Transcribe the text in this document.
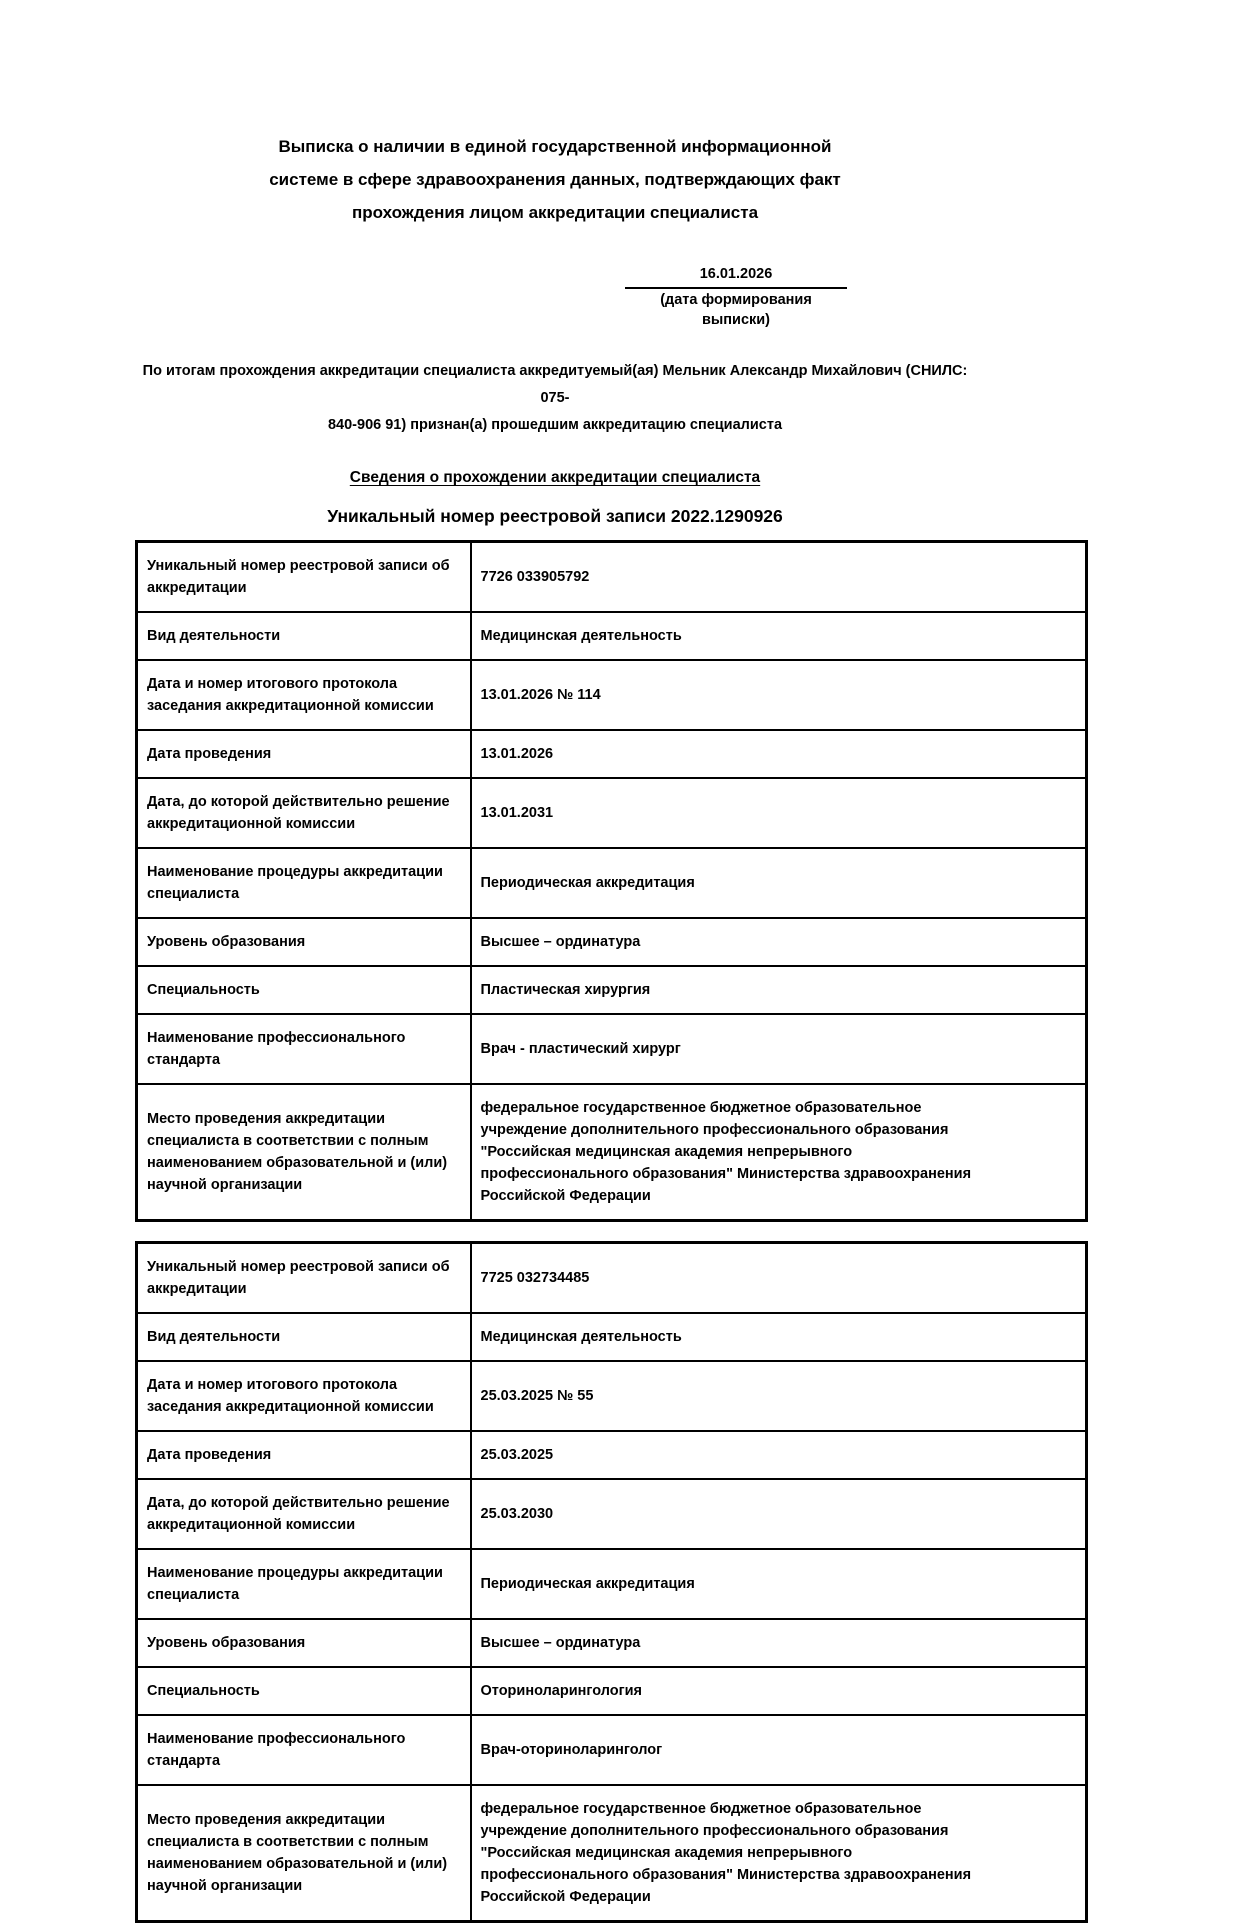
Выписка о наличии в единой государственной информационной
системе в сфере здравоохранения данных, подтверждающих факт
прохождения лицом аккредитации специалиста
16.01.2026
(дата формирования выписки)
По итогам прохождения аккредитации специалиста аккредитуемый(ая) Мельник Александр Михайлович (СНИЛС: 075-
840-906 91) признан(а) прошедшим аккредитацию специалиста
Сведения о прохождении аккредитации специалиста
Уникальный номер реестровой записи 2022.1290926
Уникальный номер реестровой записи об аккредитации	7726 033905792

Вид деятельности	Медицинская деятельность

Дата и номер итогового протокола заседания аккредитационной комиссии	13.01.2026 № 114

Дата проведения	13.01.2026

Дата, до которой действительно решение аккредитационной комиссии	13.01.2031

Наименование процедуры аккредитации специалиста	Периодическая аккредитация

Уровень образования	Высшее – ординатура

Специальность	Пластическая хирургия

Наименование профессионального стандарта	Врач - пластический хирург

Место проведения аккредитации специалиста в соответствии с полным наименованием образовательной и (или) научной организации	федеральное государственное бюджетное образовательное учреждение дополнительного профессионального образования "Российская медицинская академия непрерывного профессионального образования" Министерства здравоохранения Российской Федерации
Уникальный номер реестровой записи об аккредитации	7725 032734485

Вид деятельности	Медицинская деятельность

Дата и номер итогового протокола заседания аккредитационной комиссии	25.03.2025 № 55

Дата проведения	25.03.2025

Дата, до которой действительно решение аккредитационной комиссии	25.03.2030

Наименование процедуры аккредитации специалиста	Периодическая аккредитация

Уровень образования	Высшее – ординатура

Специальность	Оториноларингология

Наименование профессионального стандарта	Врач-оториноларинголог

Место проведения аккредитации специалиста в соответствии с полным наименованием образовательной и (или) научной организации	федеральное государственное бюджетное образовательное учреждение дополнительного профессионального образования "Российская медицинская академия непрерывного профессионального образования" Министерства здравоохранения Российской Федерации
